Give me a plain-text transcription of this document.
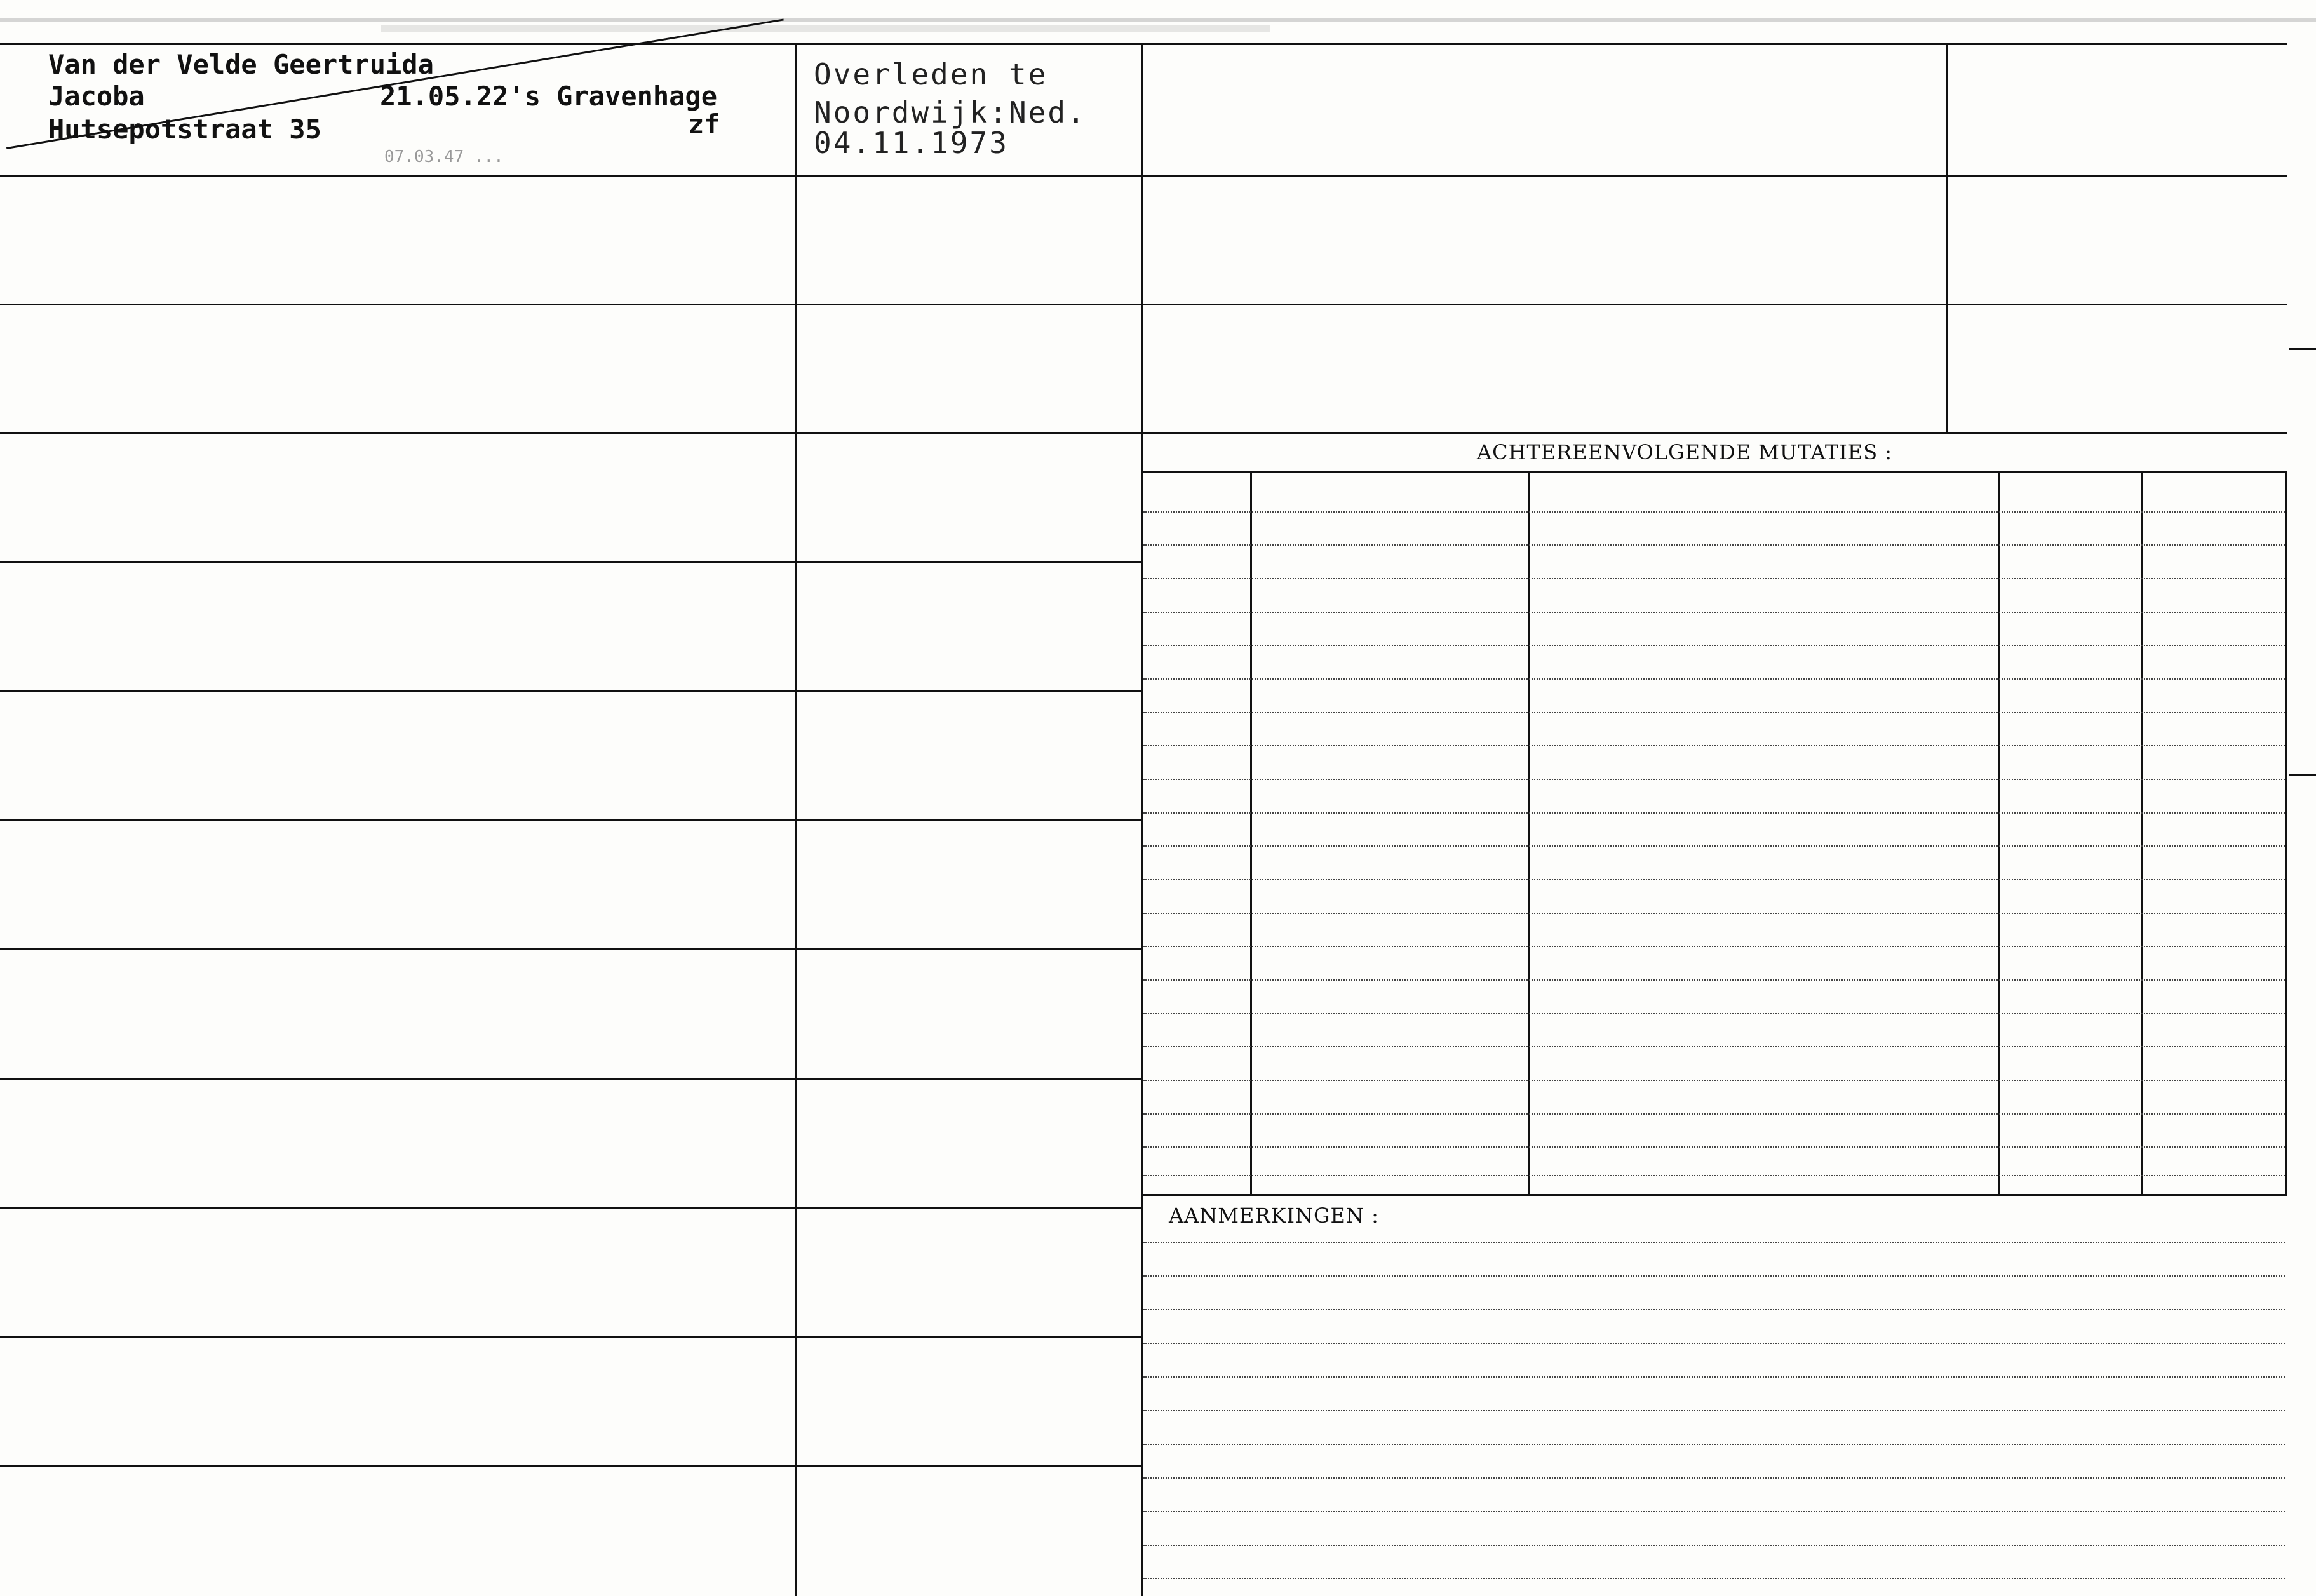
Van der Velde Geertruida
Jacoba	21.05.22's Gravenhage
Hutsepotstraat 35	zf
07.03.47 ...
Overleden te
Noordwijk:Ned.
04.11.1973
ACHTEREENVOLGENDE MUTATIES :
AANMERKINGEN :
